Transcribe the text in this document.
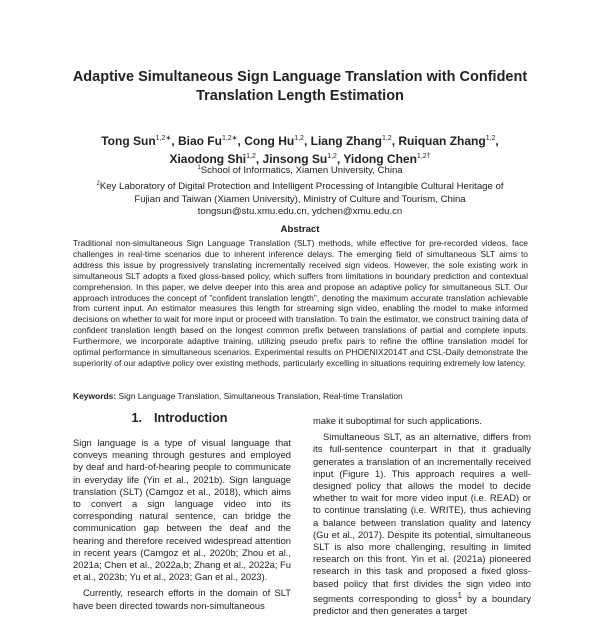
Adaptive Simultaneous Sign Language Translation with Confident
Translation Length Estimation
Tong Sun$^{1,2∗}$, Biao $Fu^{1,2∗}$, Cong Hu$^{1,2}$, Liang Zhang$^{1,2}$, Ruiquan Zhang$^{1,2}$,
Xiaodong Shi$^{1,2}$, Jinsong Su$^{1,2}$, Yidong Chen$^{1,2\dagger}$
$^1$School of Informatics, Xiamen University, China
$^2$Key Laboratory of Digital Protection and Intelligent Processing of Intangible Cultural Heritage of
Fujian and Taiwan (Xiamen University), Ministry of Culture and Tourism, China
tongsun@stu.xmu.edu.cn, ydchen@xmu.edu.cn
Abstract
Traditional non-simultaneous Sign Language Translation (SLT) methods, while effective for pre-recorded videos, face challenges in real-time scenarios due to inherent inference delays. The emerging field of simultaneous SLT aims to address this issue by progressively translating incrementally received sign videos. However, the sole existing work in simultaneous SLT adopts a fixed gloss-based policy, which suffers from limitations in boundary prediction and contextual comprehension. In this paper, we delve deeper into this area and propose an adaptive policy for simultaneous SLT. Our approach introduces the concept of "confident translation length", denoting the maximum accurate translation achievable from current input. An estimator measures this length for streaming sign video, enabling the model to make informed decisions on whether to wait for more input or proceed with translation. To train the estimator, we construct training data of confident translation length based on the longest common prefix between translations of partial and complete inputs. Furthermore, we incorporate adaptive training, utilizing pseudo prefix pairs to refine the offline translation model for optimal performance in simultaneous scenarios. Experimental results on PHOENIX2014T and CSL-Daily demonstrate the superiority of our adaptive policy over existing methods, particularly excelling in situations requiring extremely low latency.
Keywords: Sign Language Translation, Simultaneous Translation, Real-time Translation
1. Introduction

Sign language is a type of visual language that conveys meaning through gestures and employed by deaf and hard-of-hearing people to communicate in everyday life (Yin et al., 2021b). Sign language translation (SLT) (Camgoz et al., 2018), which aims to convert a sign language video into its corresponding natural sentence, can bridge the communication gap between the deaf and the hearing and therefore received widespread attention in recent years (Camgoz et al., 2020b; Zhou et al., 2021a; Chen et al., 2022a,b; Zhang et al., 2022a; Fu et al., 2023b; Yu et al., 2023; Gan et al., 2023).

Currently, research efforts in the domain of SLT have been directed towards non-simultaneous

make it suboptimal for such applications.

Simultaneous SLT, as an alternative, differs from its full-sentence counterpart in that it gradually generates a translation of an incrementally received input (Figure 1). This approach requires a well-designed policy that allows the model to decide whether to wait for more video input (i.e. READ) or to continue translating (i.e. WRITE), thus achieving a balance between translation quality and latency (Gu et al., 2017). Despite its potential, simultaneous SLT is also more challenging, resulting in limited research on this front. Yin et al. (2021a) pioneered research in this task and proposed a fixed gloss-based policy that first divides the sign video into segments corresponding to gloss$^1$ by a boundary predictor and then generates a target
